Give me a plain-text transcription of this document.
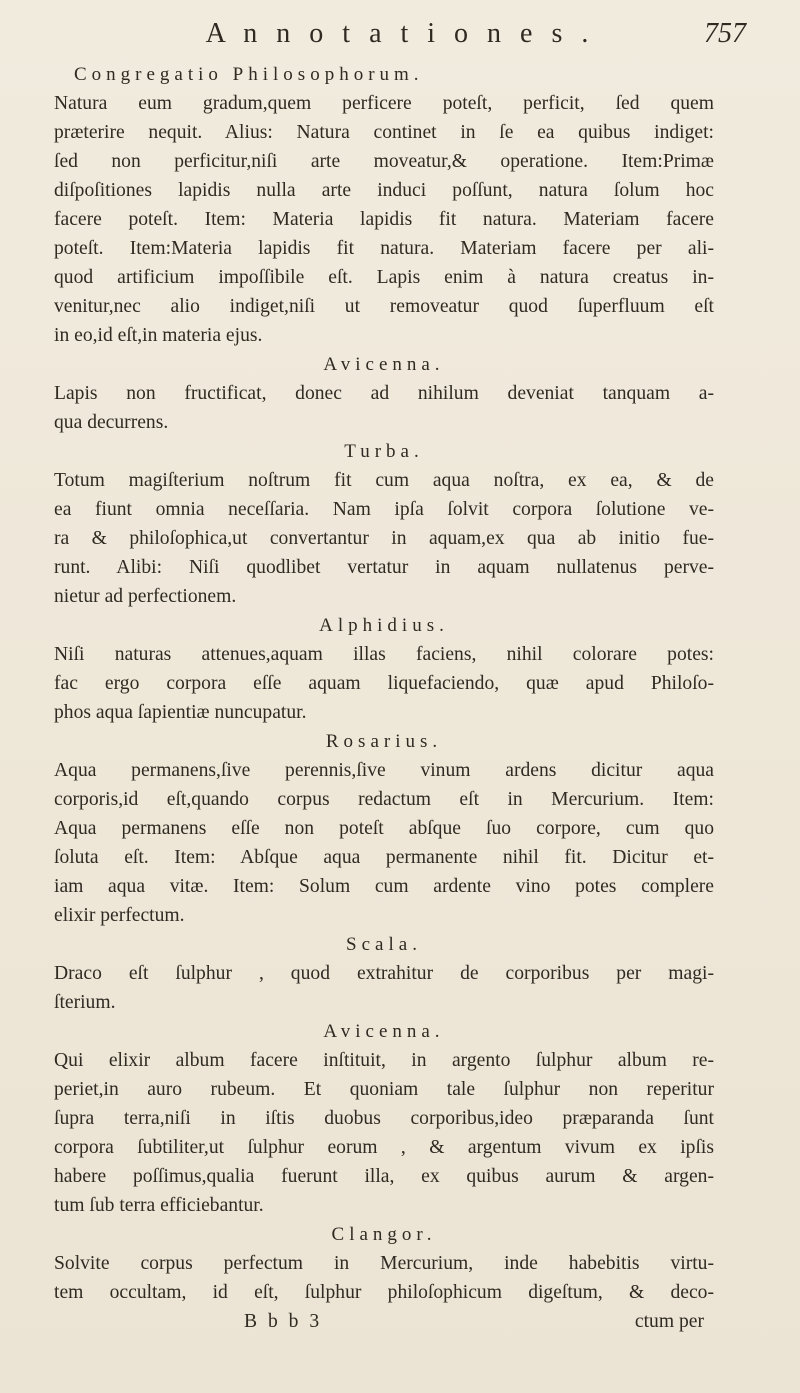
A n n o t a t i o n e s .	757
Congregatio Philosophorum.
Natura eum gradum,quem perficere poteſt, perficit, ſed quem
præterire nequit. Alius: Natura continet in ſe ea quibus indiget:
ſed non perficitur,niſi arte moveatur,& operatione. Item:Primæ
diſpoſitiones lapidis nulla arte induci poſſunt, natura ſolum hoc
facere poteſt. Item: Materia lapidis fit natura. Materiam facere
poteſt. Item:Materia lapidis fit natura. Materiam facere per ali-
quod artificium impoſſibile eſt. Lapis enim à natura creatus in-
venitur,nec alio indiget,niſi ut removeatur quod ſuperfluum eſt
in eo,id eſt,in materia ejus.
Avicenna.
Lapis non fructificat, donec ad nihilum deveniat tanquam a-
qua decurrens.
Turba.
Totum magiſterium noſtrum fit cum aqua noſtra, ex ea, & de
ea fiunt omnia neceſſaria. Nam ipſa ſolvit corpora ſolutione ve-
ra & philoſophica,ut convertantur in aquam,ex qua ab initio fue-
runt. Alibi: Niſi quodlibet vertatur in aquam nullatenus perve-
nietur ad perfectionem.
Alphidius.
Niſi naturas attenues,aquam illas faciens, nihil colorare potes:
fac ergo corpora eſſe aquam liquefaciendo, quæ apud Philoſo-
phos aqua ſapientiæ nuncupatur.
Rosarius.
Aqua permanens,ſive perennis,ſive vinum ardens dicitur aqua
corporis,id eſt,quando corpus redactum eſt in Mercurium. Item:
Aqua permanens eſſe non poteſt abſque ſuo corpore, cum quo
ſoluta eſt. Item: Abſque aqua permanente nihil fit. Dicitur et-
iam aqua vitæ. Item: Solum cum ardente vino potes complere
elixir perfectum.
Scala.
Draco eſt ſulphur , quod extrahitur de corporibus per magi-
ſterium.
Avicenna.
Qui elixir album facere inſtituit, in argento ſulphur album re-
periet,in auro rubeum. Et quoniam tale ſulphur non reperitur
ſupra terra,niſi in iſtis duobus corporibus,ideo præparanda ſunt
corpora ſubtiliter,ut ſulphur eorum , & argentum vivum ex ipſis
habere poſſimus,qualia fuerunt illa, ex quibus aurum & argen-
tum ſub terra efficiebantur.
Clangor.
Solvite corpus perfectum in Mercurium, inde habebitis virtu-
tem occultam, id eſt, ſulphur philoſophicum digeſtum, & deco-
B b b 3	ctum per
